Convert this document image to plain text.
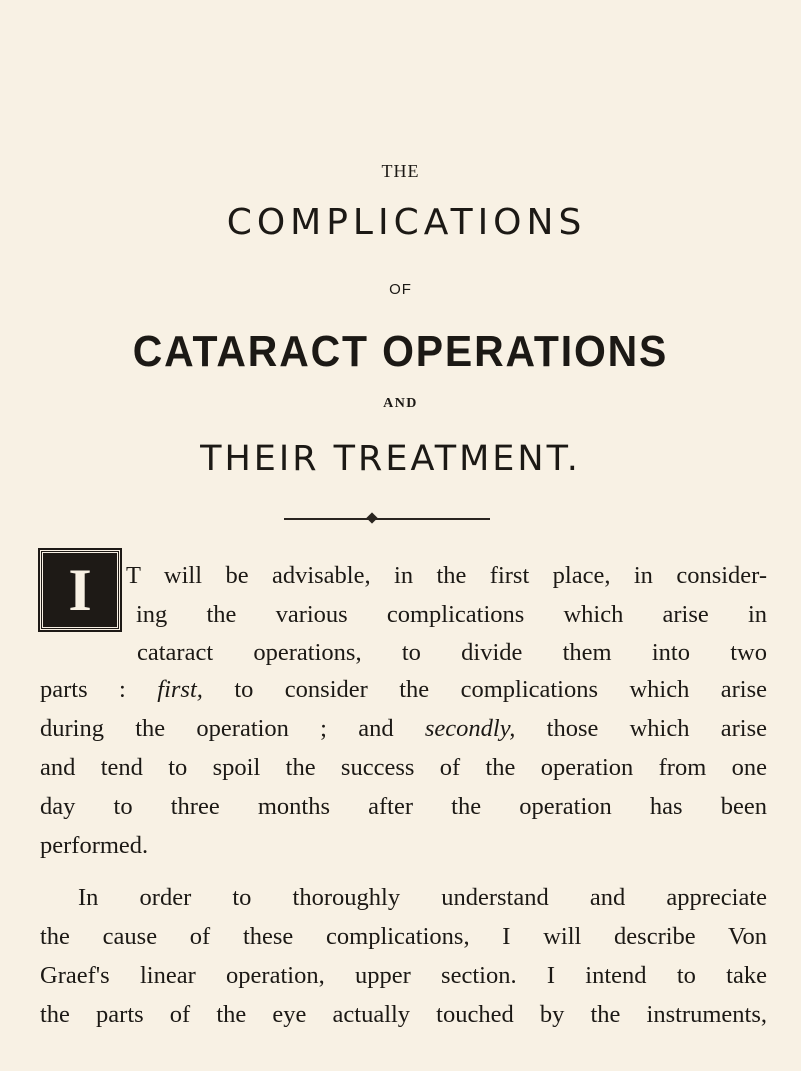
THE
COMPLICATIONS
OF
CATARACT OPERATIONS
AND
THEIR TREATMENT.
I	T will be advisable, in the first place, in consider-
ing the various complications which arise in
cataract operations, to divide them into two
parts : first, to consider the complications which arise
during the operation ; and secondly, those which arise
and tend to spoil the success of the operation from one
day to three months after the operation has been
performed.
In order to thoroughly understand and appreciate
the cause of these complications, I will describe Von
Graef's linear operation, upper section. I intend to take
the parts of the eye actually touched by the instruments,
